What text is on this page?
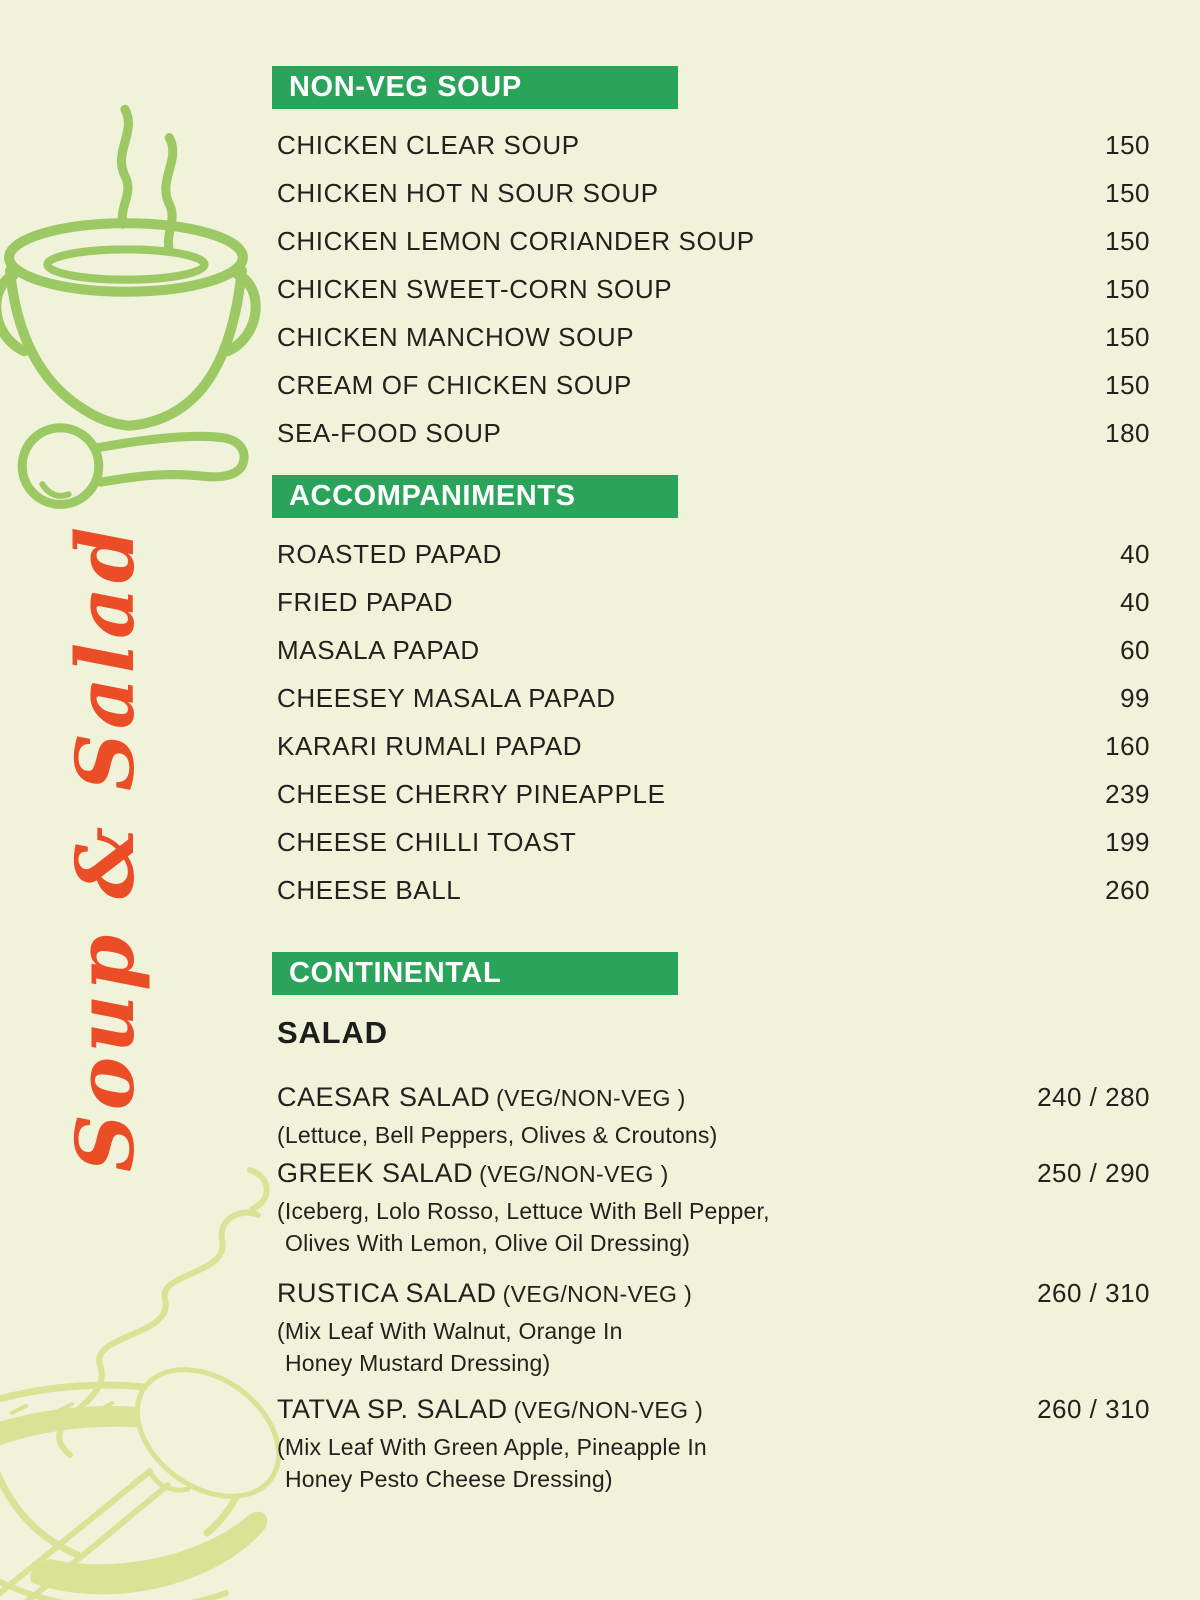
Soup & Salad
NON-VEG SOUP
CHICKEN CLEAR SOUP	150
CHICKEN HOT N SOUR SOUP	150
CHICKEN LEMON CORIANDER SOUP	150
CHICKEN SWEET-CORN SOUP	150
CHICKEN MANCHOW SOUP	150
CREAM OF CHICKEN SOUP	150
SEA-FOOD SOUP	180
ACCOMPANIMENTS
ROASTED PAPAD	40
FRIED PAPAD	40
MASALA PAPAD	60
CHEESEY MASALA PAPAD	99
KARARI RUMALI PAPAD	160
CHEESE CHERRY PINEAPPLE	239
CHEESE CHILLI TOAST	199
CHEESE BALL	260
CONTINENTAL
SALAD
CAESAR SALAD (VEG/NON-VEG )	240 / 280
(Lettuce, Bell Peppers, Olives & Croutons)
GREEK SALAD (VEG/NON-VEG )	250 / 290
(Iceberg, Lolo Rosso, Lettuce With Bell Pepper,
Olives With Lemon, Olive Oil Dressing)
RUSTICA SALAD (VEG/NON-VEG )	260 / 310
(Mix Leaf With Walnut, Orange In
Honey Mustard Dressing)
TATVA SP. SALAD (VEG/NON-VEG )	260 / 310
(Mix Leaf With Green Apple, Pineapple In
Honey Pesto Cheese Dressing)
